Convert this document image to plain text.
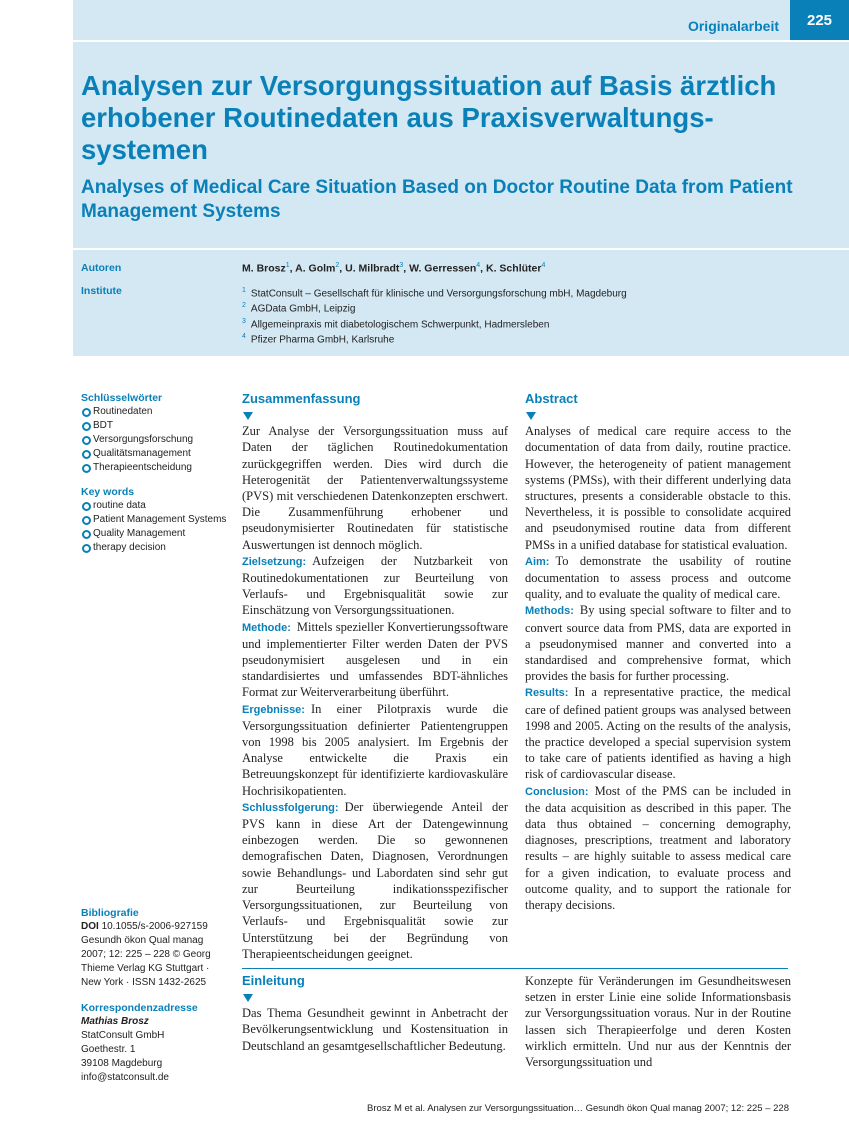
Originalarbeit	225
Analysen zur Versorgungssituation auf Basis ärztlich erhobener Routinedaten aus Praxisverwaltungs-systemen
Analyses of Medical Care Situation Based on Doctor Routine Data from Patient Management Systems
Autoren
Institute
M. Brosz$^1$, A. Golm$^2$, U. Milbradt$^3$, W. Gerressen$^4$, K. Schlüter$^4$
$^1$ StatConsult – Gesellschaft für klinische und Versorgungsforschung mbH, Magdeburg
$^2$ AGData GmbH, Leipzig
$^3$ Allgemeinpraxis mit diabetologischem Schwerpunkt, Hadmersleben
$^4$ Pfizer Pharma GmbH, Karlsruhe
Schlüsselwörter
Routinedaten
BDT
Versorgungsforschung
Qualitätsmanagement
Therapieentscheidung
Key words
routine data
Patient Management Systems
Quality Management
therapy decision
Bibliografie
DOI 10.1055/s-2006-927159
Gesundh ökon Qual manag 2007; 12: 225 – 228 © Georg Thieme Verlag KG Stuttgart · New York · ISSN 1432-2625
Korrespondenzadresse
Mathias Brosz
StatConsult GmbH
Goethestr. 1
39108 Magdeburg
info@statconsult.de
Zusammenfassung

Zur Analyse der Versorgungssituation muss auf Daten der täglichen Routinedokumentation zurückgegriffen werden. Dies wird durch die Heterogenität der Patientenverwaltungssysteme (PVS) mit verschiedenen Datenkonzepten erschwert. Die Zusammenführung erhobener und pseudonymisierter Routinedaten für statistische Auswertungen ist dennoch möglich.

Zielsetzung: Aufzeigen der Nutzbarkeit von Routinedokumentationen zur Beurteilung von Verlaufs- und Ergebnisqualität sowie zur Einschätzung von Versorgungssituationen.

Methode: Mittels spezieller Konvertierungssoftware und implementierter Filter werden Daten der PVS pseudonymisiert ausgelesen und in ein standardisiertes und umfassendes BDT-ähnliches Format zur Weiterverarbeitung überführt.

Ergebnisse: In einer Pilotpraxis wurde die Versorgungssituation definierter Patientengruppen von 1998 bis 2005 analysiert. Im Ergebnis der Analyse entwickelte die Praxis ein Betreuungskonzept für identifizierte kardiovaskuläre Hochrisikopatienten.

Schlussfolgerung: Der überwiegende Anteil der PVS kann in diese Art der Datengewinnung einbezogen werden. Die so gewonnenen demografischen Daten, Diagnosen, Verordnungen sowie Behandlungs- und Labordaten sind sehr gut zur Beurteilung indikationsspezifischer Versorgungssituationen, zur Beurteilung von Verlaufs- und Ergebnisqualität sowie zur Unterstützung bei der Begründung von Therapieentscheidungen geeignet.

Abstract

Analyses of medical care require access to the documentation of data from daily, routine practice. However, the heterogeneity of patient management systems (PMSs), with their different underlying data structures, presents a considerable obstacle to this. Nevertheless, it is possible to consolidate acquired and pseudonymised routine data from different PMSs in a unified database for statistical evaluation.

Aim: To demonstrate the usability of routine documentation to assess process and outcome quality, and to evaluate the quality of medical care.

Methods: By using special software to filter and to convert source data from PMS, data are exported in a pseudonymised manner and converted into a standardised and comprehensive format, which provides the basis for further processing.

Results: In a representative practice, the medical care of defined patient groups was analysed between 1998 and 2005. Acting on the results of the analysis, the practice developed a special supervision system to take care of patients identified as having a high risk of cardiovascular disease.

Conclusion: Most of the PMS can be included in the data acquisition as described in this paper. The data thus obtained – concerning demography, diagnoses, prescriptions, treatment and laboratory results – are highly suitable to assess medical care for a given indication, to evaluate process and outcome quality, and to support the rationale for therapy decisions.

Einleitung

Das Thema Gesundheit gewinnt in Anbetracht der Bevölkerungsentwicklung und Kostensituation in Deutschland an gesamtgesellschaftlicher Bedeutung.

Konzepte für Veränderungen im Gesundheitswesen setzen in erster Linie eine solide Informationsbasis zur Versorgungssituation voraus. Nur in der Routine lassen sich Therapieerfolge und deren Kosten wirklich ermitteln. Und nur aus der Kenntnis der Versorgungssituation und

Brosz M et al. Analysen zur Versorgungssituation… Gesundh ökon Qual manag 2007; 12: 225 – 228
